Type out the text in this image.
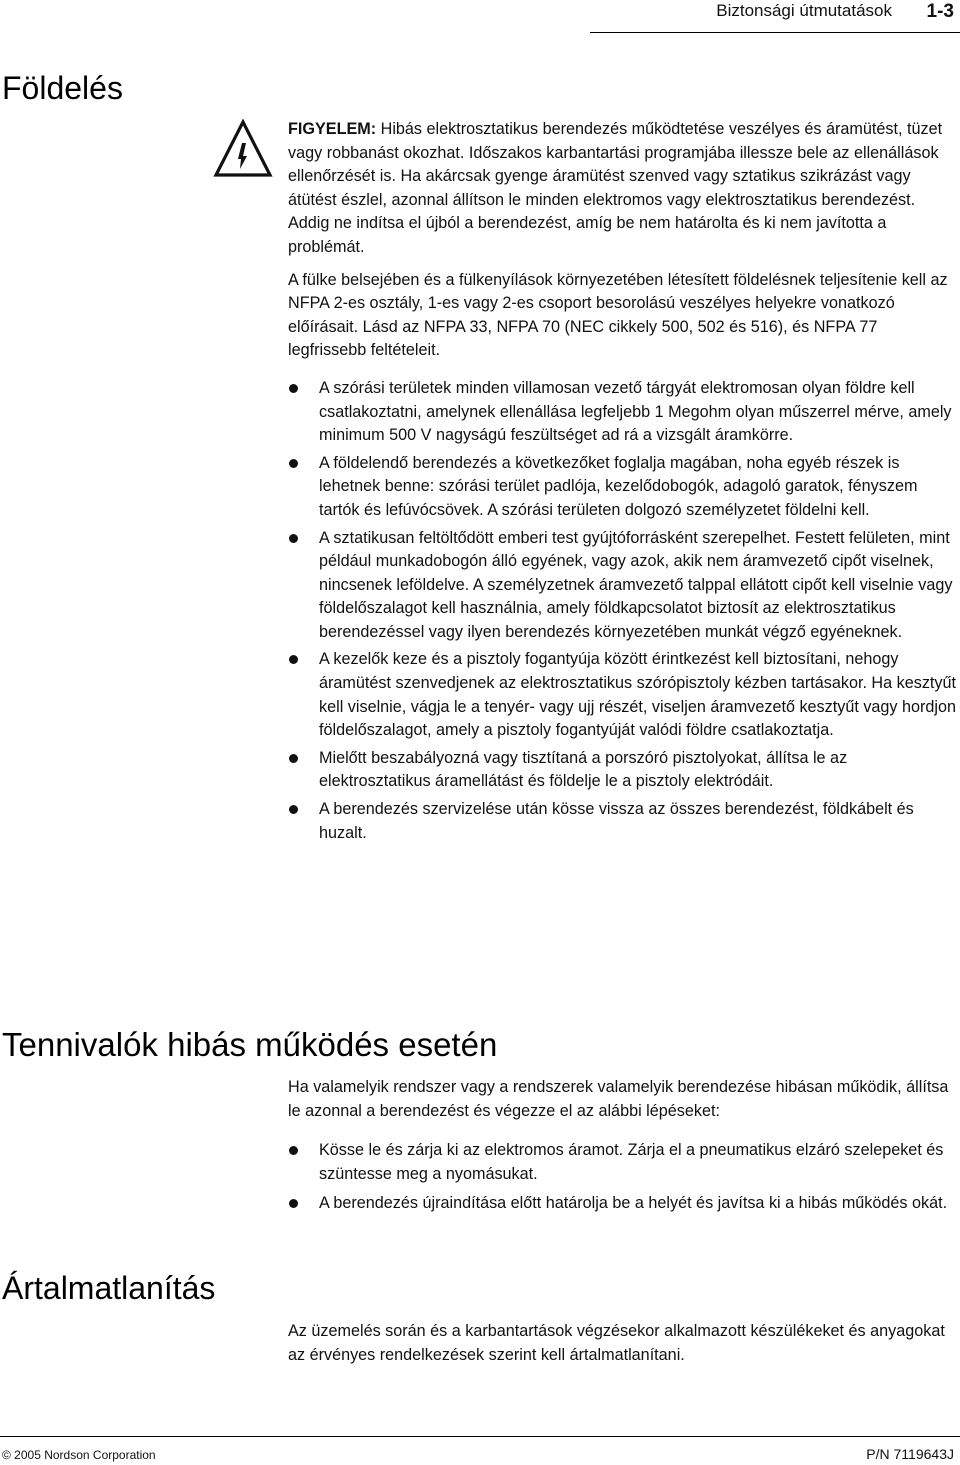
Biztonsági útmutatások 1-3
Földelés

FIGYELEM: Hibás elektrosztatikus berendezés működtetése veszélyes és áramütést, tüzet vagy robbanást okozhat. Időszakos karbantartási programjába illessze bele az ellenállások ellenőrzését is. Ha akárcsak gyenge áramütést szenved vagy sztatikus szikrázást vagy átütést észlel, azonnal állítson le minden elektromos vagy elektrosztatikus berendezést. Addig ne indítsa el újból a berendezést, amíg be nem határolta és ki nem javította a problémát.

A fülke belsejében és a fülkenyílások környezetében létesített földelésnek teljesítenie kell az NFPA 2-es osztály, 1-es vagy 2-es csoport besorolású veszélyes helyekre vonatkozó előírásait. Lásd az NFPA 33, NFPA 70 (NEC cikkely 500, 502 és 516), és NFPA 77 legfrissebb feltételeit.

A szórási területek minden villamosan vezető tárgyát elektromosan olyan földre kell csatlakoztatni, amelynek ellenállása legfeljebb 1 Megohm olyan műszerrel mérve, amely minimum 500 V nagyságú feszültséget ad rá a vizsgált áramkörre.
A földelendő berendezés a következőket foglalja magában, noha egyéb részek is lehetnek benne: szórási terület padlója, kezelődobogók, adagoló garatok, fényszem tartók és lefúvócsövek. A szórási területen dolgozó személyzetet földelni kell.
A sztatikusan feltöltődött emberi test gyújtóforrásként szerepelhet. Festett felületen, mint például munkadobogón álló egyének, vagy azok, akik nem áramvezető cipőt viselnek, nincsenek leföldelve. A személyzetnek áramvezető talppal ellátott cipőt kell viselnie vagy földelőszalagot kell használnia, amely földkapcsolatot biztosít az elektrosztatikus berendezéssel vagy ilyen berendezés környezetében munkát végző egyéneknek.
A kezelők keze és a pisztoly fogantyúja között érintkezést kell biztosítani, nehogy áramütést szenvedjenek az elektrosztatikus szórópisztoly kézben tartásakor. Ha kesztyűt kell viselnie, vágja le a tenyér- vagy ujj részét, viseljen áramvezető kesztyűt vagy hordjon földelőszalagot, amely a pisztoly fogantyúját valódi földre csatlakoztatja.
Mielőtt beszabályozná vagy tisztítaná a porszóró pisztolyokat, állítsa le az elektrosztatikus áramellátást és földelje le a pisztoly elektródáit.
A berendezés szervizelése után kösse vissza az összes berendezést, földkábelt és huzalt.
Tennivalók hibás működés esetén

Ha valamelyik rendszer vagy a rendszerek valamelyik berendezése hibásan működik, állítsa le azonnal a berendezést és végezze el az alábbi lépéseket:

Kösse le és zárja ki az elektromos áramot. Zárja el a pneumatikus elzáró szelepeket és szüntesse meg a nyomásukat.
A berendezés újraindítása előtt határolja be a helyét és javítsa ki a hibás működés okát.
Ártalmatlanítás

Az üzemelés során és a karbantartások végzésekor alkalmazott készülékeket és anyagokat az érvényes rendelkezések szerint kell ártalmatlanítani.

© 2005 Nordson Corporation	P/N 7119643J
